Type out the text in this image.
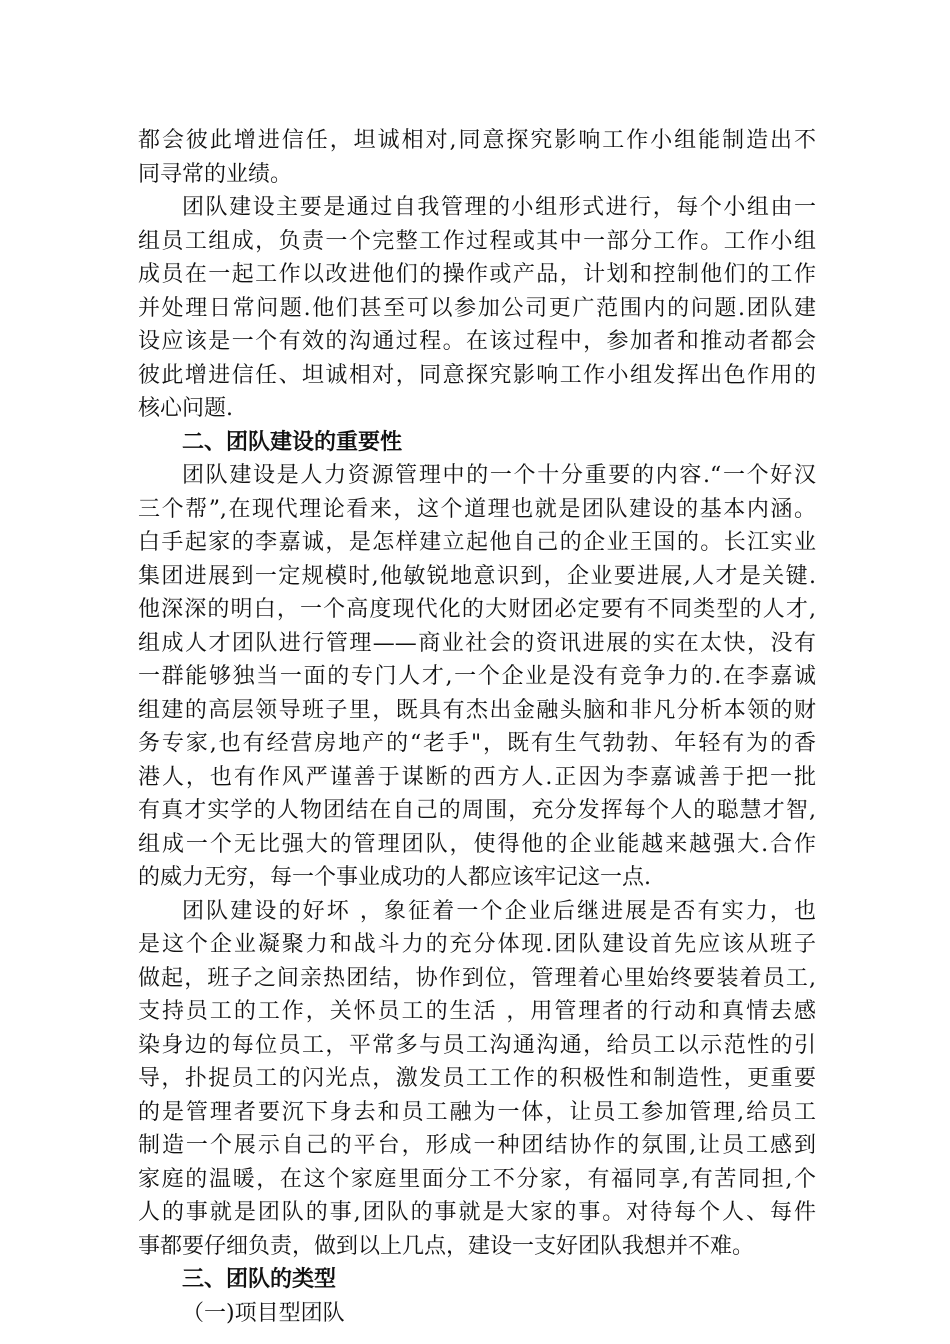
都会彼此增进信任，坦诚相对,同意探究影响工作小组能制造出不
同寻常的业绩。
团队建设主要是通过自我管理的小组形式进行，每个小组由一
组员工组成，负责一个完整工作过程或其中一部分工作。工作小组
成员在一起工作以改进他们的操作或产品，计划和控制他们的工作
并处理日常问题.他们甚至可以参加公司更广范围内的问题.团队建
设应该是一个有效的沟通过程。在该过程中，参加者和推动者都会
彼此增进信任、坦诚相对，同意探究影响工作小组发挥出色作用的
核心问题.
二、团队建设的重要性
团队建设是人力资源管理中的一个十分重要的内容.“一个好汉
三个帮”,在现代理论看来，这个道理也就是团队建设的基本内涵。
白手起家的李嘉诚，是怎样建立起他自己的企业王国的。长江实业
集团进展到一定规模时,他敏锐地意识到，企业要进展,人才是关键.
他深深的明白，一个高度现代化的大财团必定要有不同类型的人才,
组成人才团队进行管理——商业社会的资讯进展的实在太快，没有
一群能够独当一面的专门人才,一个企业是没有竞争力的.在李嘉诚
组建的高层领导班子里，既具有杰出金融头脑和非凡分析本领的财
务专家,也有经营房地产的“老手"，既有生气勃勃、年轻有为的香
港人，也有作风严谨善于谋断的西方人.正因为李嘉诚善于把一批
有真才实学的人物团结在自己的周围，充分发挥每个人的聪慧才智,
组成一个无比强大的管理团队，使得他的企业能越来越强大.合作
的威力无穷，每一个事业成功的人都应该牢记这一点.
团队建设的好坏 ，象征着一个企业后继进展是否有实力，也
是这个企业凝聚力和战斗力的充分体现.团队建设首先应该从班子
做起，班子之间亲热团结，协作到位，管理着心里始终要装着员工,
支持员工的工作，关怀员工的生活 ，用管理者的行动和真情去感
染身边的每位员工，平常多与员工沟通沟通，给员工以示范性的引
导，扑捉员工的闪光点，激发员工工作的积极性和制造性，更重要
的是管理者要沉下身去和员工融为一体，让员工参加管理,给员工
制造一个展示自己的平台，形成一种团结协作的氛围,让员工感到
家庭的温暖，在这个家庭里面分工不分家，有福同享,有苦同担,个
人的事就是团队的事,团队的事就是大家的事。对待每个人、每件
事都要仔细负责，做到以上几点，建设一支好团队我想并不难。
三、团队的类型
（一)项目型团队
